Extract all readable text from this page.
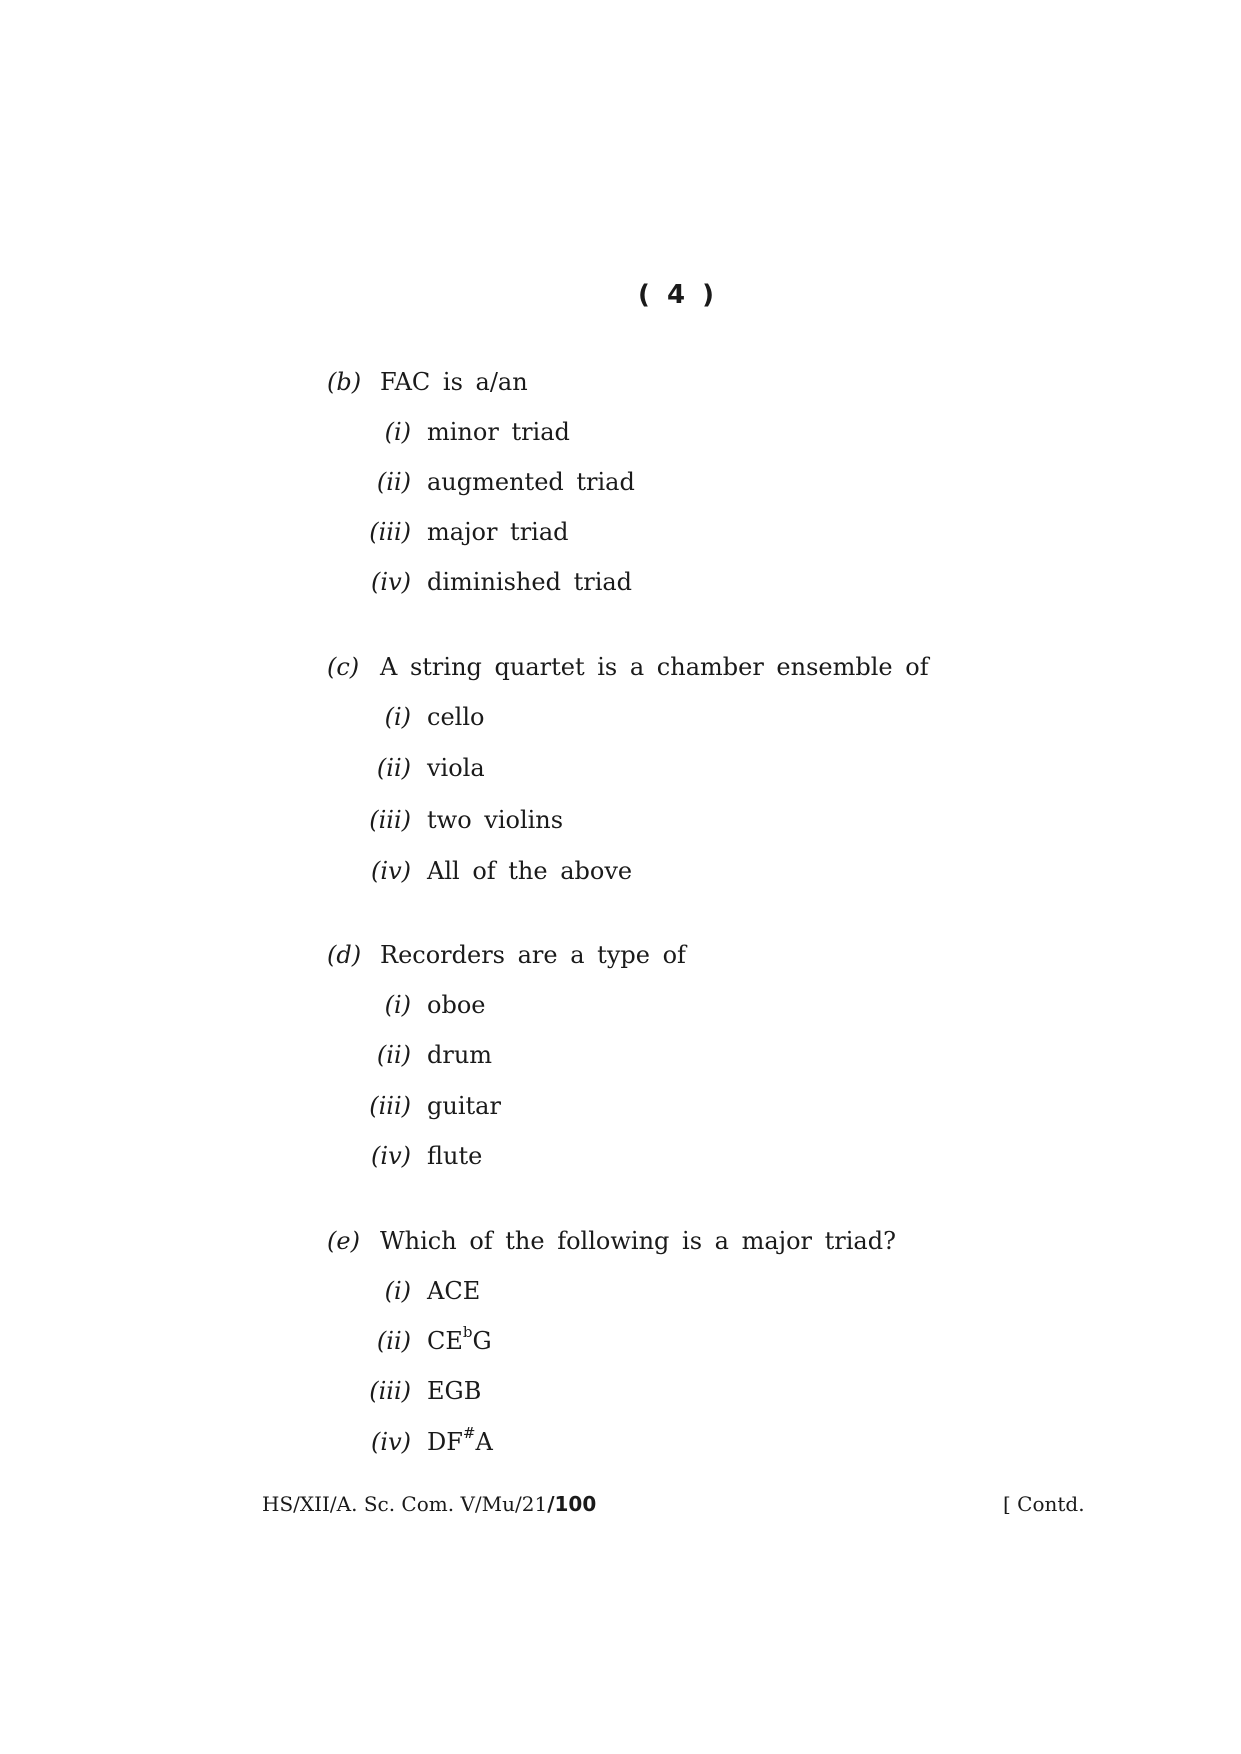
( 4 )
(b) FAC is a/an
(i) minor triad
(ii) augmented triad
(iii) major triad
(iv) diminished triad
(c) A string quartet is a chamber ensemble of
(i) cello
(ii) viola
(iii) two violins
(iv) All of the above
(d) Recorders are a type of
(i) oboe
(ii) drum
(iii) guitar
(iv) flute
(e) Which of the following is a major triad?
(i) ACE
(ii) $CE^bG$
(iii) EGB
(iv) DF#A
HS/XII/A. Sc. Com. V/Mu/21/100	[ Contd.
